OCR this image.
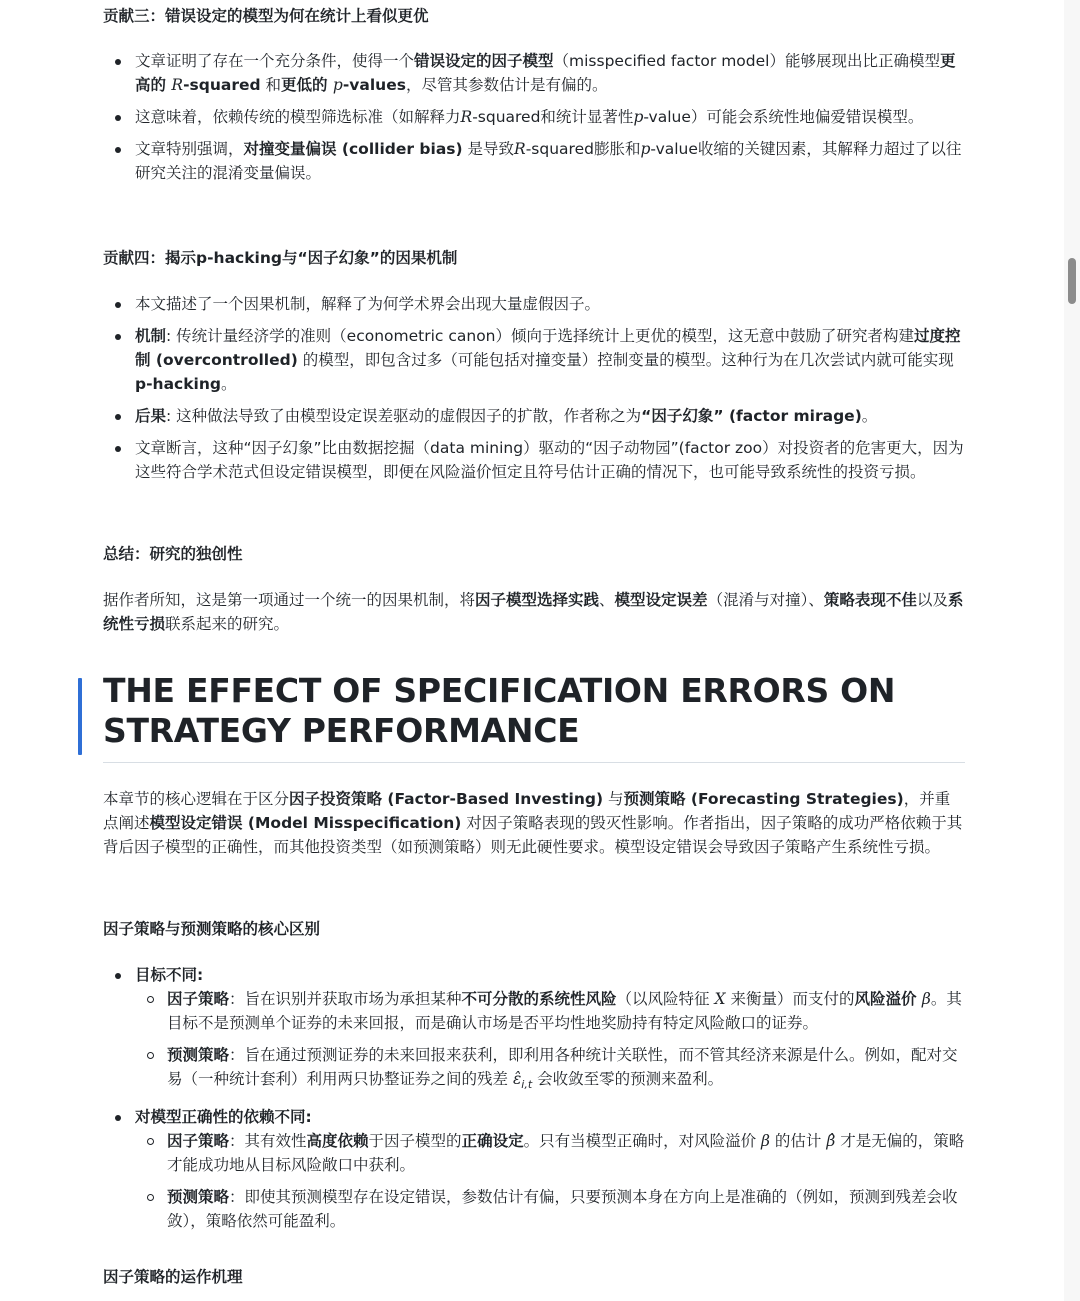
贡献三：错误设定的模型为何在统计上看似更优
文章证明了存在一个充分条件，使得一个错误设定的因子模型（misspecified factor model）能够展现出比正确模型更高的 R-squared 和更低的 p-values，尽管其参数估计是有偏的。
这意味着，依赖传统的模型筛选标准（如解释力R-squared和统计显著性p-value）可能会系统性地偏爱错误模型。
文章特别强调，对撞变量偏误 (collider bias) 是导致R-squared膨胀和p-value收缩的关键因素，其解释力超过了以往研究关注的混淆变量偏误。
贡献四：揭示p-hacking与“因子幻象”的因果机制
本文描述了一个因果机制，解释了为何学术界会出现大量虚假因子。
机制: 传统计量经济学的准则（econometric canon）倾向于选择统计上更优的模型，这无意中鼓励了研究者构建过度控制 (overcontrolled) 的模型，即包含过多（可能包括对撞变量）控制变量的模型。这种行为在几次尝试内就可能实现 p-hacking。
后果: 这种做法导致了由模型设定误差驱动的虚假因子的扩散，作者称之为“因子幻象” (factor mirage)。
文章断言，这种“因子幻象”比由数据挖掘（data mining）驱动的“因子动物园”(factor zoo）对投资者的危害更大，因为这些符合学术范式但设定错误模型，即便在风险溢价恒定且符号估计正确的情况下，也可能导致系统性的投资亏损。
总结：研究的独创性

据作者所知，这是第一项通过一个统一的因果机制，将因子模型选择实践、模型设定误差（混淆与对撞）、策略表现不佳以及系统性亏损联系起来的研究。

THE EFFECT OF SPECIFICATION ERRORS ON STRATEGY PERFORMANCE

本章节的核心逻辑在于区分因子投资策略 (Factor-Based Investing) 与预测策略 (Forecasting Strategies)，并重点阐述模型设定错误 (Model Misspecification) 对因子策略表现的毁灭性影响。作者指出，因子策略的成功严格依赖于其背后因子模型的正确性，而其他投资类型（如预测策略）则无此硬性要求。模型设定错误会导致因子策略产生系统性亏损。

因子策略与预测策略的核心区别
目标不同:
因子策略：旨在识别并获取市场为承担某种不可分散的系统性风险（以风险特征 X 来衡量）而支付的风险溢价 β。其目标不是预测单个证券的未来回报，而是确认市场是否平均性地奖励持有特定风险敞口的证券。
预测策略：旨在通过预测证券的未来回报来获利，即利用各种统计关联性，而不管其经济来源是什么。例如，配对交易（一种统计套利）利用两只协整证券之间的残差 $\varepsilon̂_{i,t}$ 会收敛至零的预测来盈利。
对模型正确性的依赖不同:
因子策略：其有效性高度依赖于因子模型的正确设定。只有当模型正确时，对风险溢价 β 的估计 β̂ 才是无偏的，策略才能成功地从目标风险敞口中获利。
预测策略：即使其预测模型存在设定错误，参数估计有偏，只要预测本身在方向上是准确的（例如，预测到残差会收敛），策略依然可能盈利。
因子策略的运作机理
